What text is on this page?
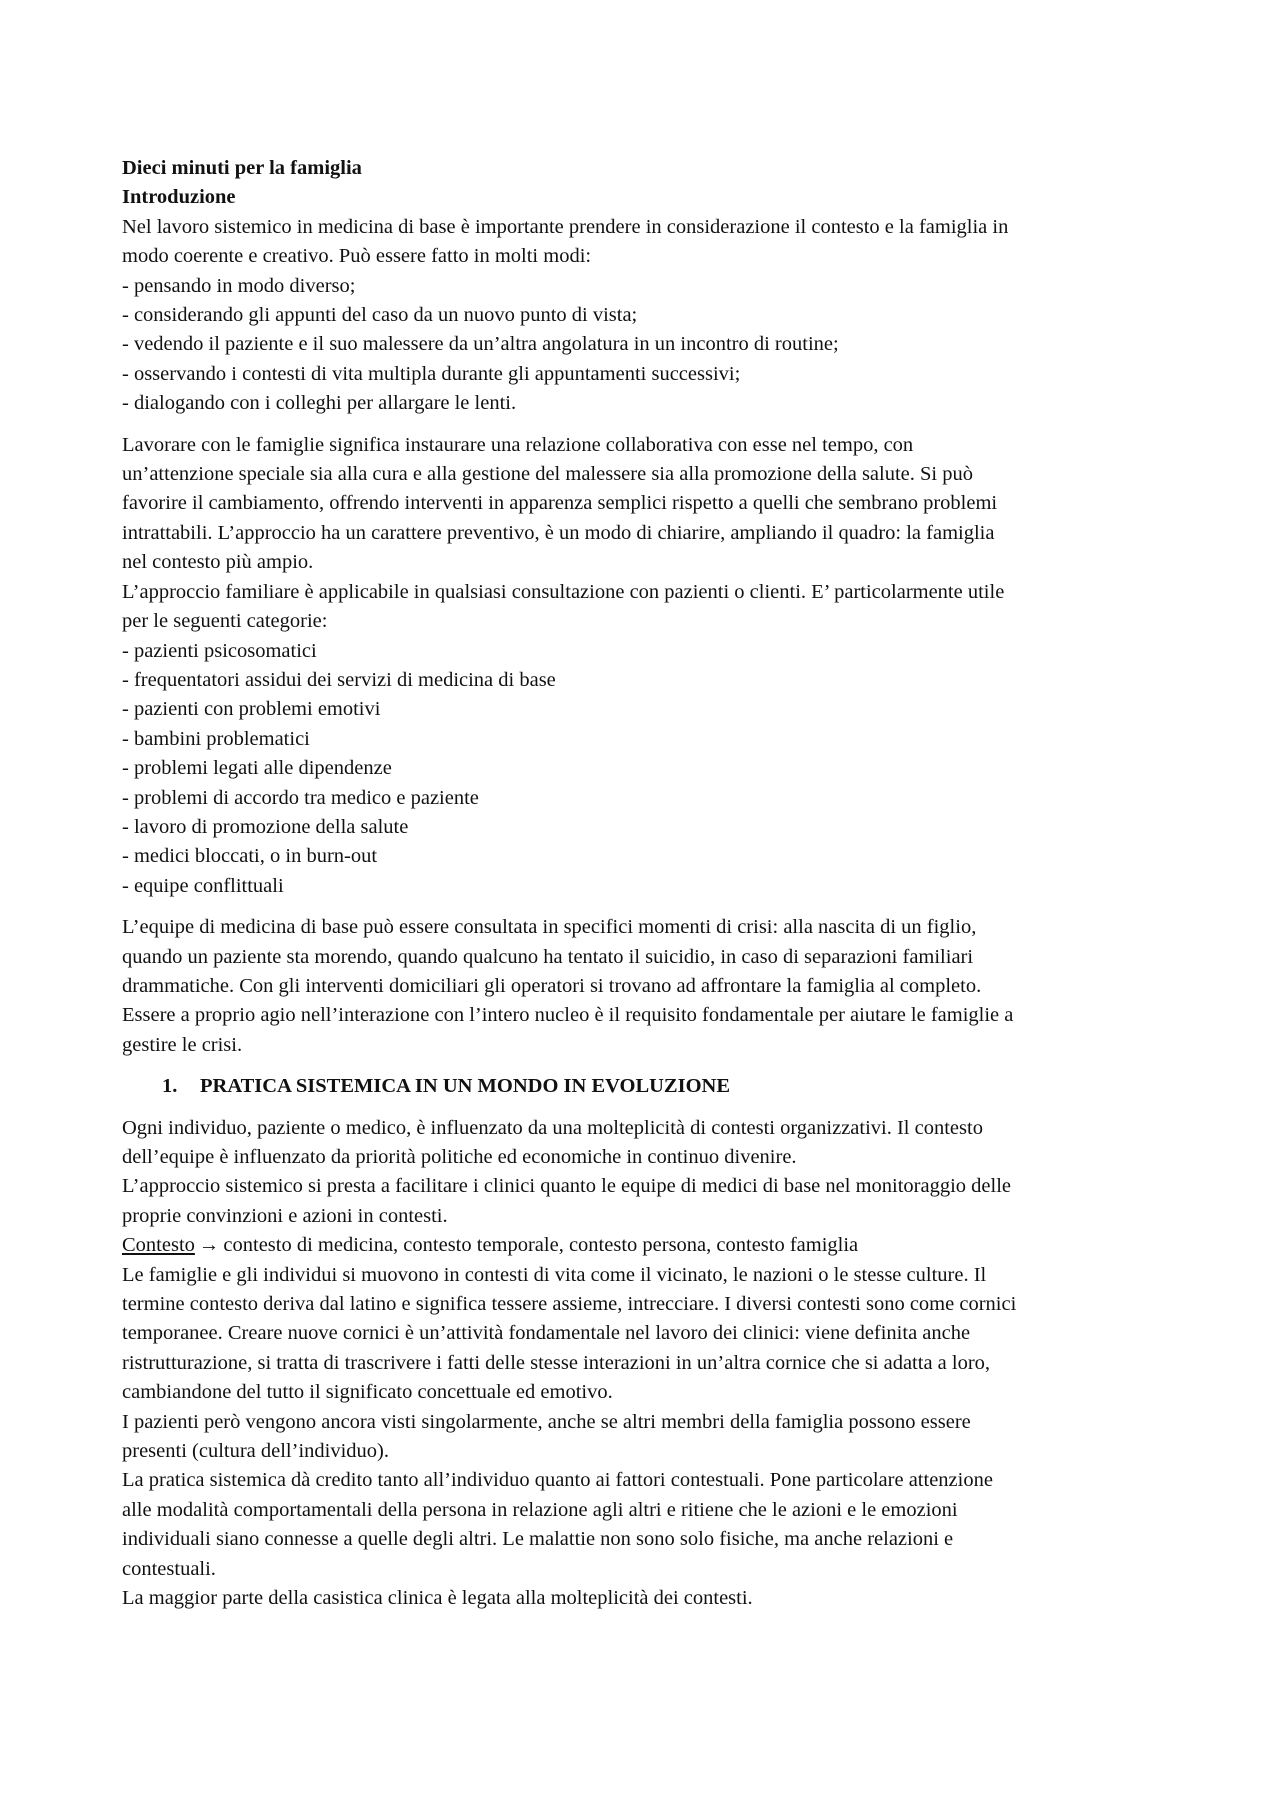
Dieci minuti per la famiglia
Introduzione
Nel lavoro sistemico in medicina di base è importante prendere in considerazione il contesto e la famiglia in
modo coerente e creativo. Può essere fatto in molti modi:
- pensando in modo diverso;
- considerando gli appunti del caso da un nuovo punto di vista;
- vedendo il paziente e il suo malessere da un’altra angolatura in un incontro di routine;
- osservando i contesti di vita multipla durante gli appuntamenti successivi;
- dialogando con i colleghi per allargare le lenti.
Lavorare con le famiglie significa instaurare una relazione collaborativa con esse nel tempo, con
un’attenzione speciale sia alla cura e alla gestione del malessere sia alla promozione della salute. Si può
favorire il cambiamento, offrendo interventi in apparenza semplici rispetto a quelli che sembrano problemi
intrattabili. L’approccio ha un carattere preventivo, è un modo di chiarire, ampliando il quadro: la famiglia
nel contesto più ampio.
L’approccio familiare è applicabile in qualsiasi consultazione con pazienti o clienti. E’ particolarmente utile
per le seguenti categorie:
- pazienti psicosomatici
- frequentatori assidui dei servizi di medicina di base
- pazienti con problemi emotivi
- bambini problematici
- problemi legati alle dipendenze
- problemi di accordo tra medico e paziente
- lavoro di promozione della salute
- medici bloccati, o in burn-out
- equipe conflittuali
L’equipe di medicina di base può essere consultata in specifici momenti di crisi: alla nascita di un figlio,
quando un paziente sta morendo, quando qualcuno ha tentato il suicidio, in caso di separazioni familiari
drammatiche. Con gli interventi domiciliari gli operatori si trovano ad affrontare la famiglia al completo.
Essere a proprio agio nell’interazione con l’intero nucleo è il requisito fondamentale per aiutare le famiglie a
gestire le crisi.
1. PRATICA SISTEMICA IN UN MONDO IN EVOLUZIONE
Ogni individuo, paziente o medico, è influenzato da una molteplicità di contesti organizzativi. Il contesto
dell’equipe è influenzato da priorità politiche ed economiche in continuo divenire.
L’approccio sistemico si presta a facilitare i clinici quanto le equipe di medici di base nel monitoraggio delle
proprie convinzioni e azioni in contesti.
Contesto → contesto di medicina, contesto temporale, contesto persona, contesto famiglia
Le famiglie e gli individui si muovono in contesti di vita come il vicinato, le nazioni o le stesse culture. Il
termine contesto deriva dal latino e significa tessere assieme, intrecciare. I diversi contesti sono come cornici
temporanee. Creare nuove cornici è un’attività fondamentale nel lavoro dei clinici: viene definita anche
ristrutturazione, si tratta di trascrivere i fatti delle stesse interazioni in un’altra cornice che si adatta a loro,
cambiandone del tutto il significato concettuale ed emotivo.
I pazienti però vengono ancora visti singolarmente, anche se altri membri della famiglia possono essere
presenti (cultura dell’individuo).
La pratica sistemica dà credito tanto all’individuo quanto ai fattori contestuali. Pone particolare attenzione
alle modalità comportamentali della persona in relazione agli altri e ritiene che le azioni e le emozioni
individuali siano connesse a quelle degli altri. Le malattie non sono solo fisiche, ma anche relazioni e
contestuali.
La maggior parte della casistica clinica è legata alla molteplicità dei contesti.
